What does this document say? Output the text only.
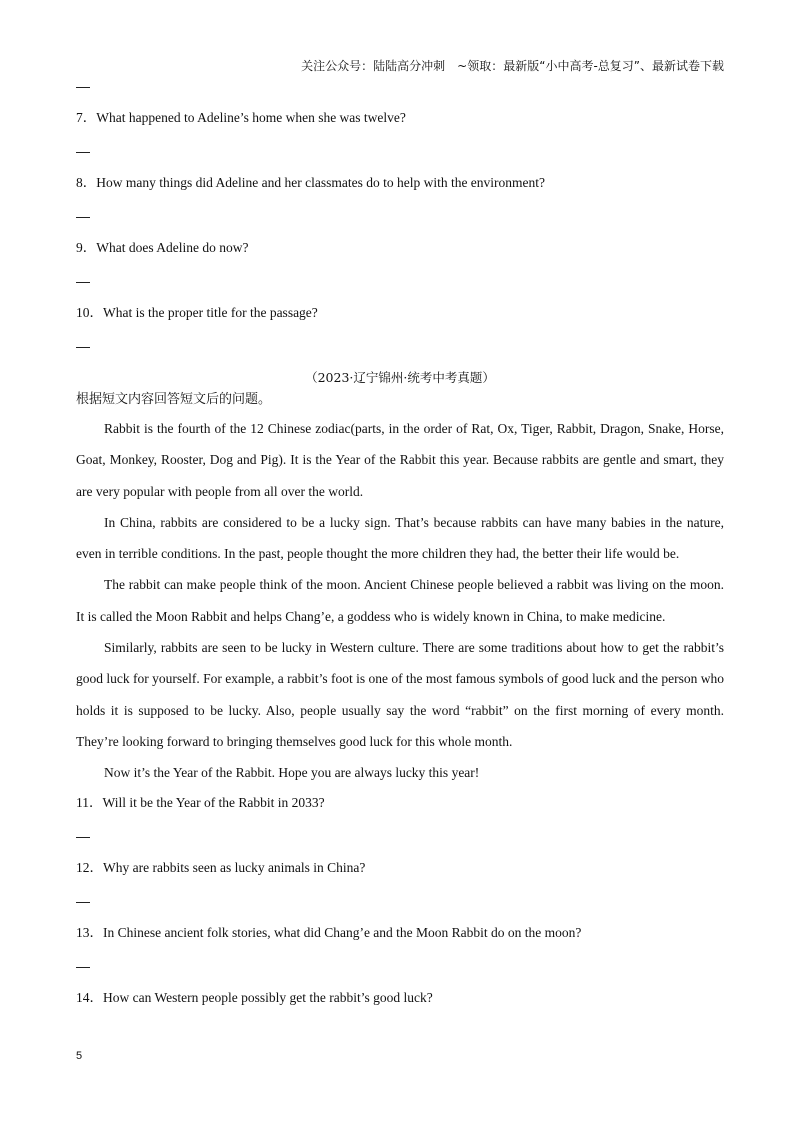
关注公众号：陆陆高分冲刺　~领取：最新版“小中高考-总复习”、最新试卷下载

7．What happened to Adeline’s home when she was twelve?

8．How many things did Adeline and her classmates do to help with the environment?

9．What does Adeline do now?

10．What is the proper title for the passage?

（2023·辽宁锦州·统考中考真题）
根据短文内容回答短文后的问题。

Rabbit is the fourth of the 12 Chinese zodiac(parts, in the order of Rat, Ox, Tiger, Rabbit, Dragon, Snake, Horse, Goat, Monkey, Rooster, Dog and Pig). It is the Year of the Rabbit this year. Because rabbits are gentle and smart, they are very popular with people from all over the world.

In China, rabbits are considered to be a lucky sign. That’s because rabbits can have many babies in the nature, even in terrible conditions. In the past, people thought the more children they had, the better their life would be.

The rabbit can make people think of the moon. Ancient Chinese people believed a rabbit was living on the moon. It is called the Moon Rabbit and helps Chang’e, a goddess who is widely known in China, to make medicine.

Similarly, rabbits are seen to be lucky in Western culture. There are some traditions about how to get the rabbit’s good luck for yourself. For example, a rabbit’s foot is one of the most famous symbols of good luck and the person who holds it is supposed to be lucky. Also, people usually say the word “rabbit” on the first morning of every month. They’re looking forward to bringing themselves good luck for this whole month.

Now it’s the Year of the Rabbit. Hope you are always lucky this year!

11．Will it be the Year of the Rabbit in 2033?

12．Why are rabbits seen as lucky animals in China?

13．In Chinese ancient folk stories, what did Chang’e and the Moon Rabbit do on the moon?

14．How can Western people possibly get the rabbit’s good luck?

5
